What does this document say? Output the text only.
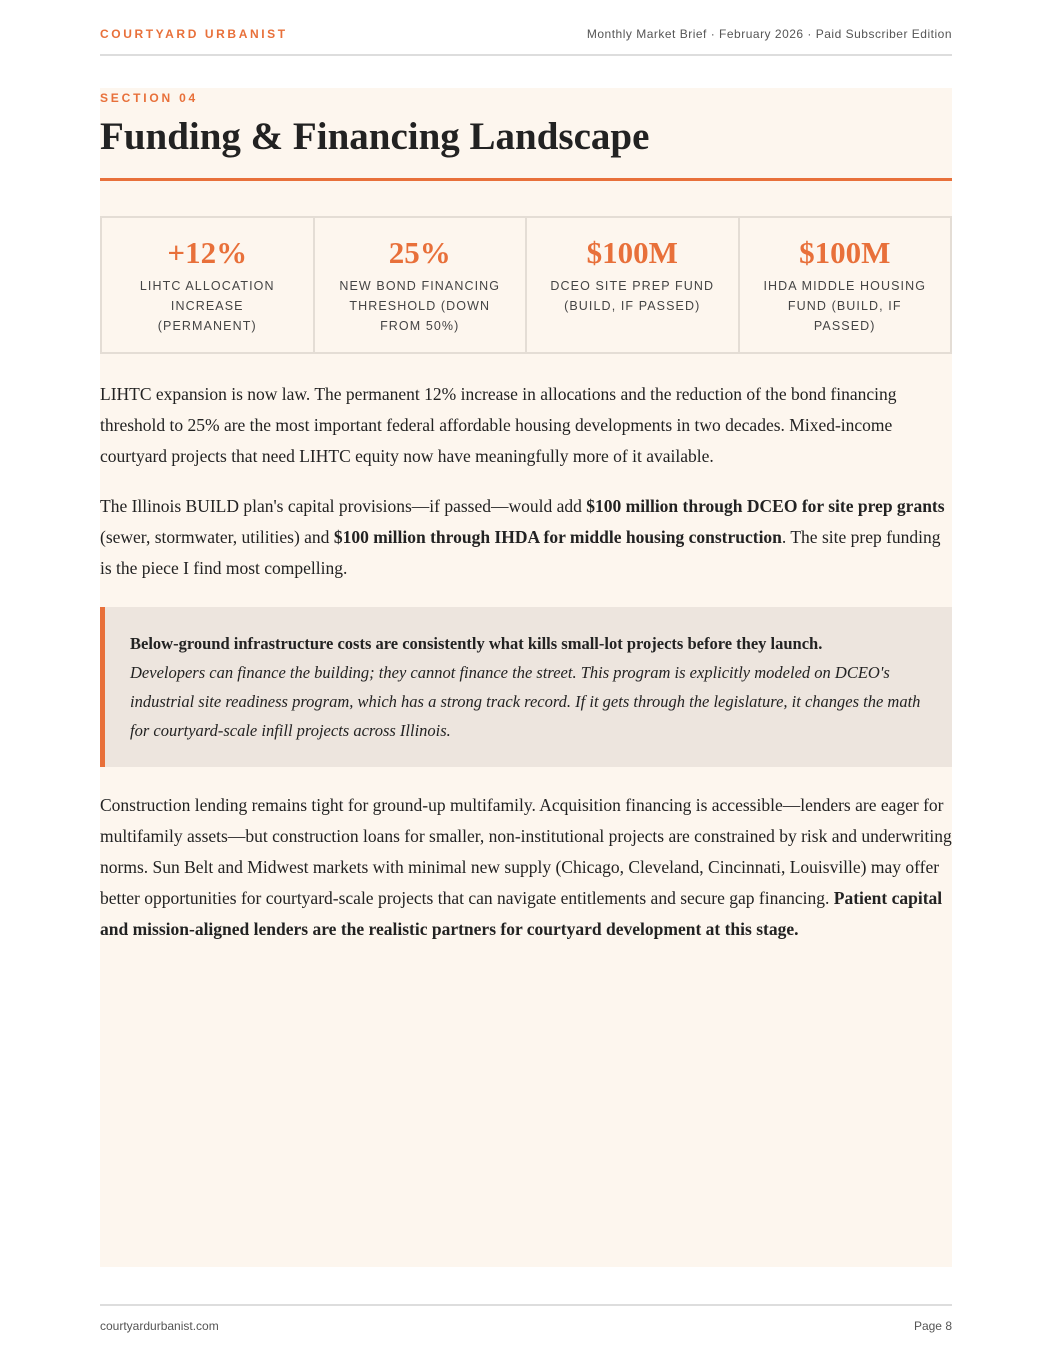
COURTYARD URBANIST	Monthly Market Brief · February 2026 · Paid Subscriber Edition
SECTION 04
Funding & Financing Landscape
+12%
LIHTC ALLOCATION INCREASE (PERMANENT)
25%
NEW BOND FINANCING THRESHOLD (DOWN FROM 50%)
$100M
DCEO SITE PREP FUND (BUILD, IF PASSED)
$100M
IHDA MIDDLE HOUSING FUND (BUILD, IF PASSED)

LIHTC expansion is now law. The permanent 12% increase in allocations and the reduction of the bond financing threshold to 25% are the most important federal affordable housing developments in two decades. Mixed-income courtyard projects that need LIHTC equity now have meaningfully more of it available.

The Illinois BUILD plan's capital provisions—if passed—would add $100 million through DCEO for site prep grants (sewer, stormwater, utilities) and $100 million through IHDA for middle housing construction. The site prep funding is the piece I find most compelling.

Below-ground infrastructure costs are consistently what kills small-lot projects before they launch.
Developers can finance the building; they cannot finance the street. This program is explicitly modeled on DCEO's industrial site readiness program, which has a strong track record. If it gets through the legislature, it changes the math for courtyard-scale infill projects across Illinois.

Construction lending remains tight for ground-up multifamily. Acquisition financing is accessible—lenders are eager for multifamily assets—but construction loans for smaller, non-institutional projects are constrained by risk and underwriting norms. Sun Belt and Midwest markets with minimal new supply (Chicago, Cleveland, Cincinnati, Louisville) may offer better opportunities for courtyard-scale projects that can navigate entitlements and secure gap financing. Patient capital and mission-aligned lenders are the realistic partners for courtyard development at this stage.

courtyardurbanist.com	Page 8
